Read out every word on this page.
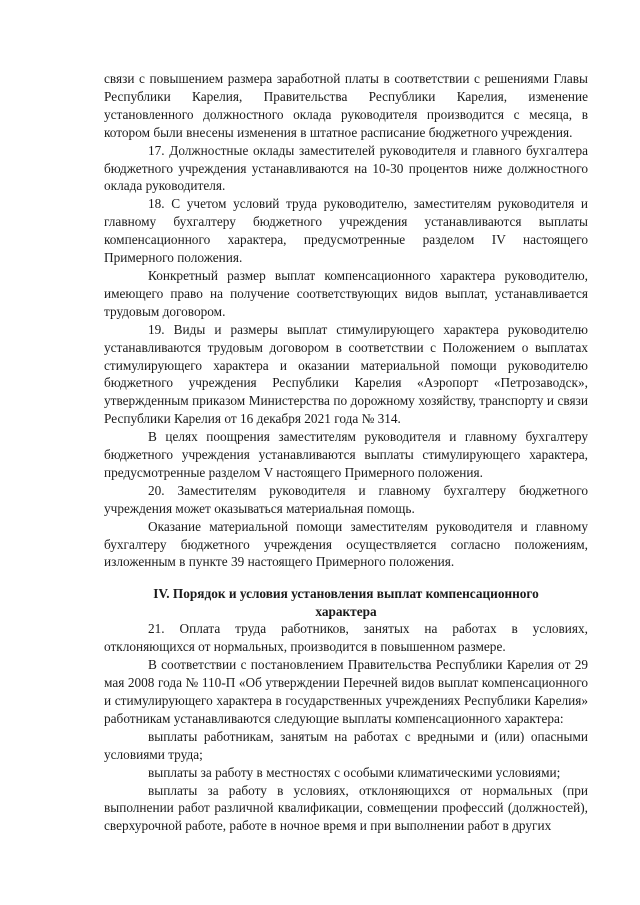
связи с повышением размера заработной платы в соответствии с решениями Главы Республики Карелия, Правительства Республики Карелия, изменение установленного должностного оклада руководителя производится с месяца, в котором были внесены изменения в штатное расписание бюджетного учреждения.

17. Должностные оклады заместителей руководителя и главного бухгалтера бюджетного учреждения устанавливаются на 10-30 процентов ниже должностного оклада руководителя.

18. С учетом условий труда руководителю, заместителям руководителя и главному бухгалтеру бюджетного учреждения устанавливаются выплаты компенсационного характера, предусмотренные разделом IV настоящего Примерного положения.

Конкретный размер выплат компенсационного характера руководителю, имеющего право на получение соответствующих видов выплат, устанавливается трудовым договором.

19. Виды и размеры выплат стимулирующего характера руководителю устанавливаются трудовым договором в соответствии с Положением о выплатах стимулирующего характера и оказании материальной помощи руководителю бюджетного учреждения Республики Карелия «Аэропорт «Петрозаводск», утвержденным приказом Министерства по дорожному хозяйству, транспорту и связи Республики Карелия от 16 декабря 2021 года № 314.

В целях поощрения заместителям руководителя и главному бухгалтеру бюджетного учреждения устанавливаются выплаты стимулирующего характера, предусмотренные разделом V настоящего Примерного положения.

20. Заместителям руководителя и главному бухгалтеру бюджетного учреждения может оказываться материальная помощь.

Оказание материальной помощи заместителям руководителя и главному бухгалтеру бюджетного учреждения осуществляется согласно положениям, изложенным в пункте 39 настоящего Примерного положения.

IV. Порядок и условия установления выплат компенсационного
характера

21. Оплата труда работников, занятых на работах в условиях, отклоняющихся от нормальных, производится в повышенном размере.

В соответствии с постановлением Правительства Республики Карелия от 29 мая 2008 года № 110-П «Об утверждении Перечней видов выплат компенсационного и стимулирующего характера в государственных учреждениях Республики Карелия» работникам устанавливаются следующие выплаты компенсационного характера:

выплаты работникам, занятым на работах с вредными и (или) опасными условиями труда;

выплаты за работу в местностях с особыми климатическими условиями;

выплаты за работу в условиях, отклоняющихся от нормальных (при выполнении работ различной квалификации, совмещении профессий (должностей), сверхурочной работе, работе в ночное время и при выполнении работ в других
